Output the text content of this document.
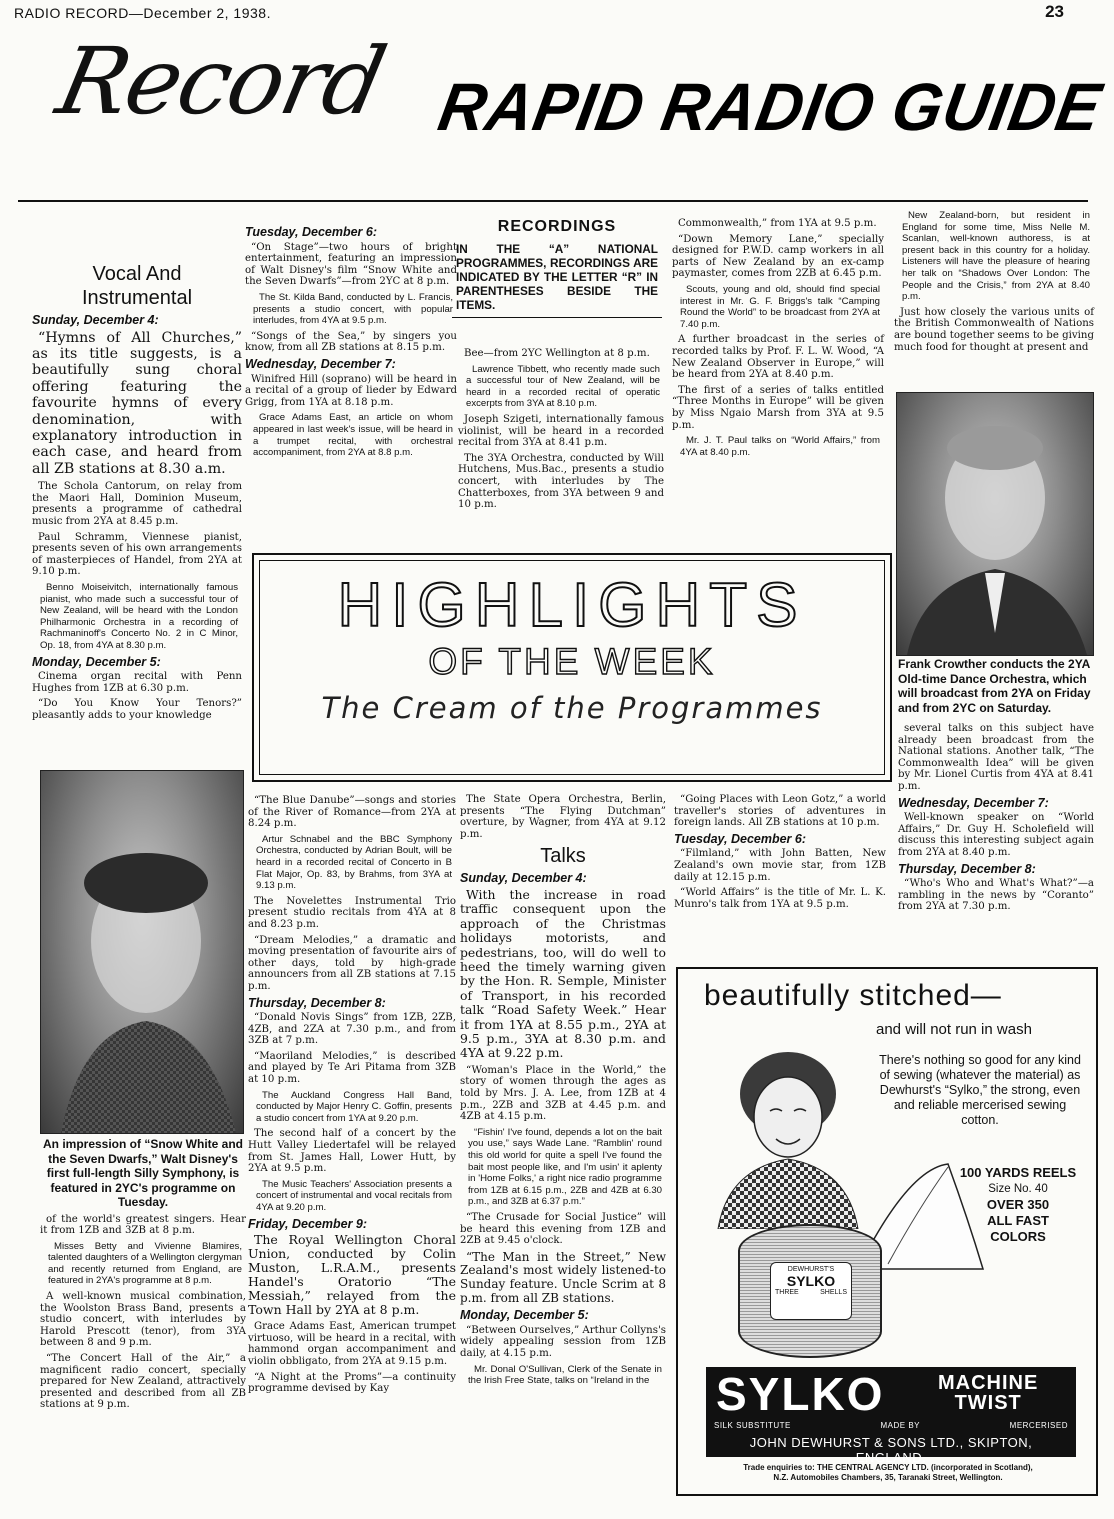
RADIO RECORD—December 2, 1938.	23
Record RAPID RADIO GUIDE
Vocal And
Instrumental
Sunday, December 4:

“Hymns of All Churches,” as its title suggests, is a beautifully sung choral offering featuring the favourite hymns of every denomination, with explanatory introduction in each case, and heard from all ZB stations at 8.30 a.m.

The Schola Cantorum, on relay from the Maori Hall, Dominion Museum, presents a programme of cathedral music from 2YA at 8.45 p.m.

Paul Schramm, Viennese pianist, presents seven of his own arrangements of masterpieces of Handel, from 2YA at 9.10 p.m.

Benno Moiseivitch, internationally famous pianist, who made such a successful tour of New Zealand, will be heard with the London Philharmonic Orchestra in a recording of Rachmaninoff's Concerto No. 2 in C Minor, Op. 18, from 4YA at 8.30 p.m.

Monday, December 5:

Cinema organ recital with Penn Hughes from 1ZB at 6.30 p.m.

“Do You Know Your Tenors?” pleasantly adds to your knowledge

An impression of “Snow White and the Seven Dwarfs,” Walt Disney's first full-length Silly Symphony, is featured in 2YC's programme on Tuesday.

of the world's greatest singers. Hear it from 1ZB and 3ZB at 8 p.m.

Misses Betty and Vivienne Blamires, talented daughters of a Wellington clergyman and recently returned from England, are featured in 2YA's programme at 8 p.m.

A well-known musical combination, the Woolston Brass Band, presents a studio concert, with interludes by Harold Prescott (tenor), from 3YA between 8 and 9 p.m.

“The Concert Hall of the Air,” a magnificent radio concert, specially prepared for New Zealand, attractively presented and described from all ZB stations at 9 p.m.

Tuesday, December 6:

“On Stage”—two hours of bright entertainment, featuring an impression of Walt Disney's film “Snow White and the Seven Dwarfs”—from 2YC at 8 p.m.

The St. Kilda Band, conducted by L. Francis, presents a studio concert, with popular interludes, from 4YA at 9.5 p.m.

“Songs of the Sea,” by singers you know, from all ZB stations at 8.15 p.m.

Wednesday, December 7:

Winifred Hill (soprano) will be heard in a recital of a group of lieder by Edward Grigg, from 1YA at 8.18 p.m.

Grace Adams East, an article on whom appeared in last week's issue, will be heard in a trumpet recital, with orchestral accompaniment, from 2YA at 8.8 p.m.

“The Blue Danube”—songs and stories of the River of Romance—from 2YA at 8.24 p.m.

Artur Schnabel and the BBC Symphony Orchestra, conducted by Adrian Boult, will be heard in a recorded recital of Concerto in B Flat Major, Op. 83, by Brahms, from 3YA at 9.13 p.m.

The Novelettes Instrumental Trio present studio recitals from 4YA at 8 and 8.23 p.m.

“Dream Melodies,” a dramatic and moving presentation of favourite airs of other days, told by high-grade announcers from all ZB stations at 7.15 p.m.

Thursday, December 8:

“Donald Novis Sings” from 1ZB, 2ZB, 4ZB, and 2ZA at 7.30 p.m., and from 3ZB at 7 p.m.

“Maoriland Melodies,” is described and played by Te Ari Pitama from 3ZB at 10 p.m.

The Auckland Congress Hall Band, conducted by Major Henry C. Goffin, presents a studio concert from 1YA at 9.20 p.m.

The second half of a concert by the Hutt Valley Liedertafel will be relayed from St. James Hall, Lower Hutt, by 2YA at 9.5 p.m.

The Music Teachers' Association presents a concert of instrumental and vocal recitals from 4YA at 9.20 p.m.

Friday, December 9:

The Royal Wellington Choral Union, conducted by Colin Muston, L.R.A.M., presents Handel's Oratorio “The Messiah,” relayed from the Town Hall by 2YA at 8 p.m.

Grace Adams East, American trumpet virtuoso, will be heard in a recital, with hammond organ accompaniment and violin obbligato, from 2YA at 9.15 p.m.

“A Night at the Proms”—a continuity programme devised by Kay

RECORDINGS
IN THE “A” NATIONAL PROGRAMMES, RECORDINGS ARE INDICATED BY THE LETTER “R” IN PARENTHESES BESIDE THE ITEMS.

Bee—from 2YC Wellington at 8 p.m.

Lawrence Tibbett, who recently made such a successful tour of New Zealand, will be heard in a recorded recital of operatic excerpts from 3YA at 8.10 p.m.

Joseph Szigeti, internationally famous violinist, will be heard in a recorded recital from 3YA at 8.41 p.m.

The 3YA Orchestra, conducted by Will Hutchens, Mus.Bac., presents a studio concert, with interludes by The Chatterboxes, from 3YA between 9 and 10 p.m.

The State Opera Orchestra, Berlin, presents “The Flying Dutchman” overture, by Wagner, from 4YA at 9.12 p.m.

Talks
Sunday, December 4:

With the increase in road traffic consequent upon the approach of the Christmas holidays motorists, and pedestrians, too, will do well to heed the timely warning given by the Hon. R. Semple, Minister of Transport, in his recorded talk “Road Safety Week.” Hear it from 1YA at 8.55 p.m., 2YA at 9.5 p.m., 3YA at 8.30 p.m. and 4YA at 9.22 p.m.

“Woman's Place in the World,” the story of women through the ages as told by Mrs. J. A. Lee, from 1ZB at 4 p.m., 2ZB and 3ZB at 4.45 p.m. and 4ZB at 4.15 p.m.

“Fishin' I've found, depends a lot on the bait you use,” says Wade Lane. “Ramblin' round this old world for quite a spell I've found the bait most people like, and I'm usin' it aplenty in 'Home Folks,' a right nice radio programme from 1ZB at 6.15 p.m., 2ZB and 4ZB at 6.30 p.m., and 3ZB at 6.37 p.m.”

“The Crusade for Social Justice” will be heard this evening from 1ZB and 2ZB at 9.45 o'clock.

“The Man in the Street,” New Zealand's most widely listened-to Sunday feature. Uncle Scrim at 8 p.m. from all ZB stations.

Monday, December 5:

“Between Ourselves,” Arthur Collyns's widely appealing session from 1ZB daily, at 4.15 p.m.

Mr. Donal O'Sullivan, Clerk of the Senate in the Irish Free State, talks on “Ireland in the

Commonwealth,” from 1YA at 9.5 p.m.

“Down Memory Lane,” specially designed for P.W.D. camp workers in all parts of New Zealand by an ex-camp paymaster, comes from 2ZB at 6.45 p.m.

Scouts, young and old, should find special interest in Mr. G. F. Briggs's talk “Camping Round the World” to be broadcast from 2YA at 7.40 p.m.

A further broadcast in the series of recorded talks by Prof. F. L. W. Wood, “A New Zealand Observer in Europe,” will be heard from 2YA at 8.40 p.m.

The first of a series of talks entitled “Three Months in Europe” will be given by Miss Ngaio Marsh from 3YA at 9.5 p.m.

Mr. J. T. Paul talks on “World Affairs,” from 4YA at 8.40 p.m.

“Going Places with Leon Gotz,” a world traveller's stories of adventures in foreign lands. All ZB stations at 10 p.m.

Tuesday, December 6:

“Filmland,” with John Batten, New Zealand's own movie star, from 1ZB daily at 12.15 p.m.

“World Affairs” is the title of Mr. L. K. Munro's talk from 1YA at 9.5 p.m.

New Zealand-born, but resident in England for some time, Miss Nelle M. Scanlan, well-known authoress, is at present back in this country for a holiday. Listeners will have the pleasure of hearing her talk on “Shadows Over London: The People and the Crisis,” from 2YA at 8.40 p.m.

Just how closely the various units of the British Commonwealth of Nations are bound together seems to be giving much food for thought at present and

Frank Crowther conducts the 2YA Old-time Dance Orchestra, which will broadcast from 2YA on Friday and from 2YC on Saturday.

several talks on this subject have already been broadcast from the National stations. Another talk, “The Commonwealth Idea” will be given by Mr. Lionel Curtis from 4YA at 8.41 p.m.

Wednesday, December 7:

Well-known speaker on “World Affairs,” Dr. Guy H. Scholefield will discuss this interesting subject again from 2YA at 8.40 p.m.

Thursday, December 8:

“Who's Who and What's What?”—a rambling in the news by “Coranto” from 2YA at 7.30 p.m.

HIGHLIGHTS
OF THE WEEK
The Cream of the Programmes
beautifully stitched—
and will not run in wash
There's nothing so good for any kind of sewing (whatever the material) as Dewhurst's “Sylko,” the strong, even and reliable mercerised sewing cotton.
100 YARDS REELS
Size No. 40
OVER 350
ALL FAST
COLORS
DEWHURST'S
SYLKO
THREE	SHELLS
SYLKO	MACHINE
TWIST
SILK SUBSTITUTE	MADE BY	MERCERISED
JOHN DEWHURST & SONS LTD., SKIPTON, ENGLAND.
Trade enquiries to: THE CENTRAL AGENCY LTD. (incorporated in Scotland),
N.Z. Automobiles Chambers, 35, Taranaki Street, Wellington.
